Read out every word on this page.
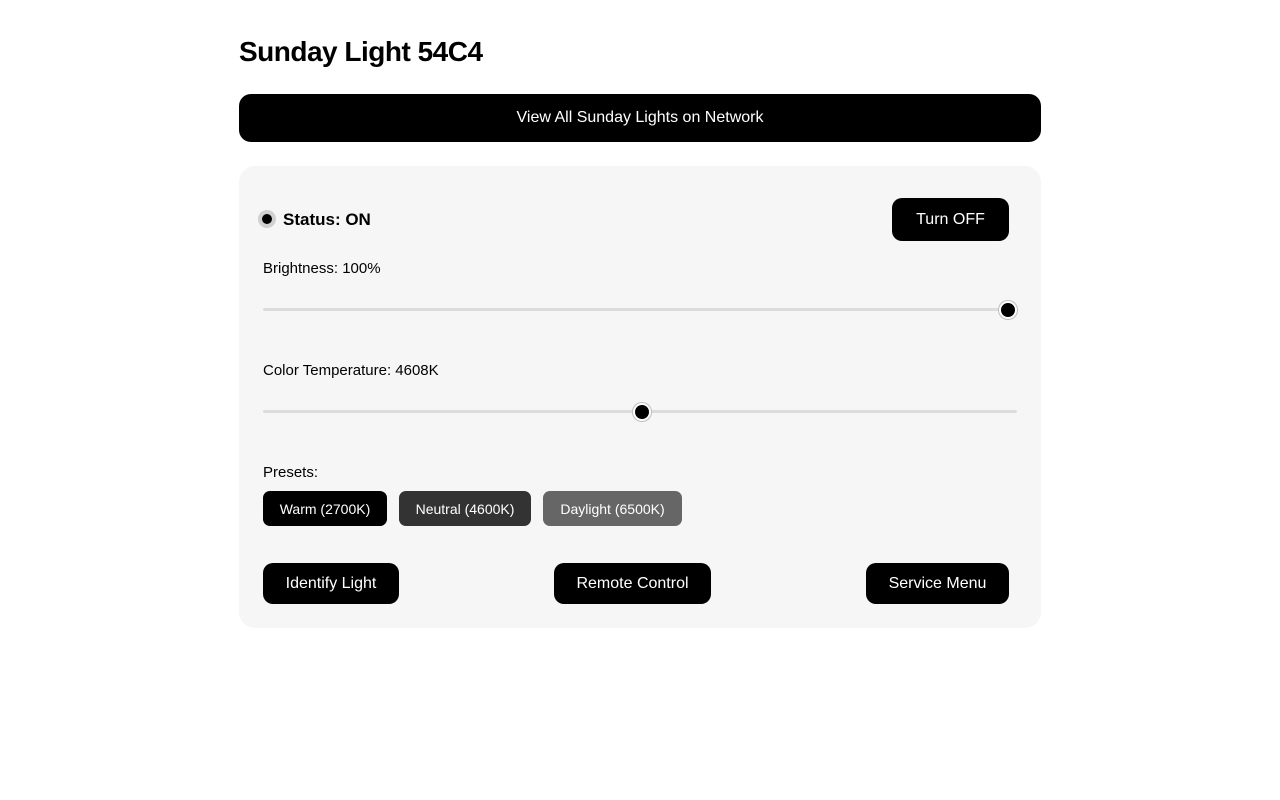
Sunday Light 54C4
View All Sunday Lights on Network
Status: ON	Turn OFF
Brightness: 100%
Color Temperature: 4608K
Presets:
Warm (2700K)	Neutral (4600K)	Daylight (6500K)
Identify Light	Remote Control	Service Menu
